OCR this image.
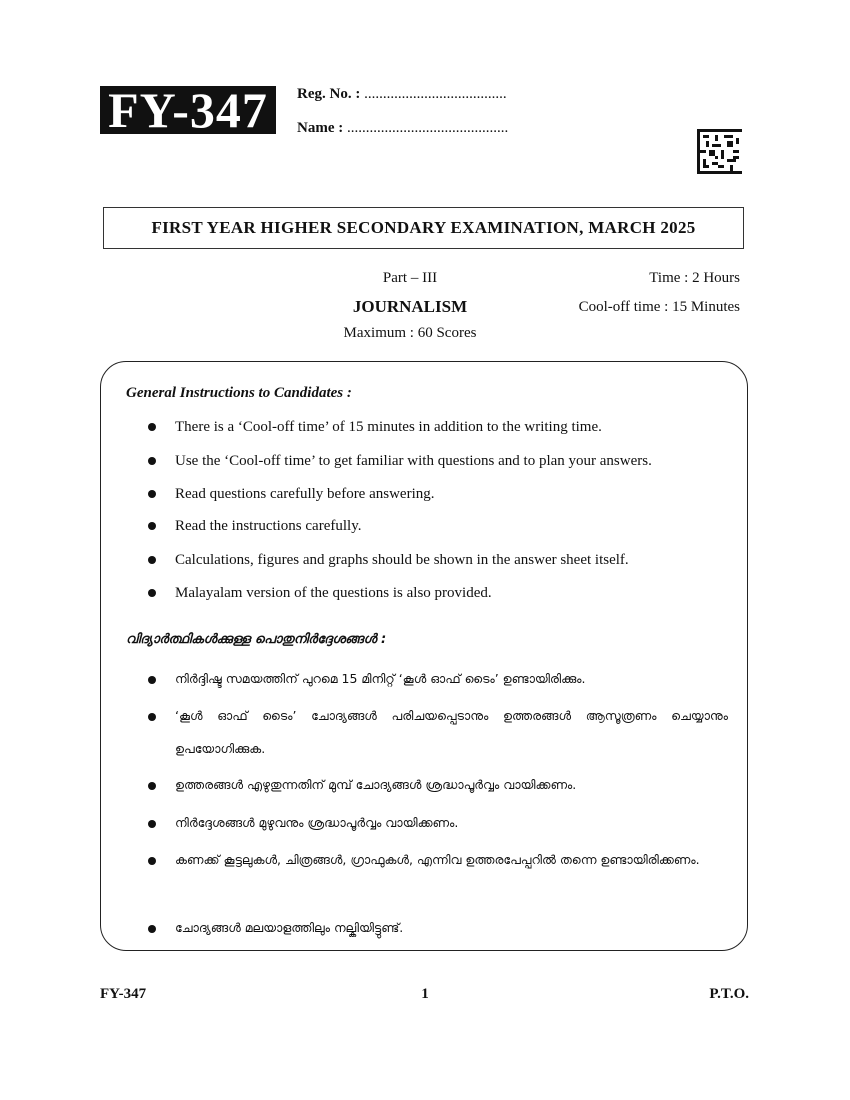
FY-347	Reg. No. : ......................................
Name : ...........................................
FIRST YEAR HIGHER SECONDARY EXAMINATION, MARCH 2025
Part – III
JOURNALISM
Maximum : 60 Scores
Time : 2 Hours
Cool-off time : 15 Minutes
General Instructions to Candidates :
There is a ‘Cool-off time’ of 15 minutes in addition to the writing time.
Use the ‘Cool-off time’ to get familiar with questions and to plan your answers.
Read questions carefully before answering.
Read the instructions carefully.
Calculations, figures and graphs should be shown in the answer sheet itself.
Malayalam version of the questions is also provided.
വിദ്യാർത്ഥികൾക്കുള്ള പൊതുനിർദ്ദേശങ്ങൾ :
നിർദ്ദിഷ്ട സമയത്തിന് പുറമെ 15 മിനിറ്റ് ‘കൂൾ ഓഫ് ടൈം’ ഉണ്ടായിരിക്കും.
‘കൂൾ ഓഫ് ടൈം’ ചോദ്യങ്ങൾ പരിചയപ്പെടാനും ഉത്തരങ്ങൾ ആസൂത്രണം ചെയ്യാനും ഉപയോഗിക്കുക.
ഉത്തരങ്ങൾ എഴുതുന്നതിന് മുമ്പ് ചോദ്യങ്ങൾ ശ്രദ്ധാപൂർവ്വം വായിക്കണം.
നിർദ്ദേശങ്ങൾ മുഴുവനും ശ്രദ്ധാപൂർവ്വം വായിക്കണം.
കണക്ക് കൂട്ടലുകൾ, ചിത്രങ്ങൾ, ഗ്രാഫുകൾ, എന്നിവ ഉത്തരപേപ്പറിൽ തന്നെ ഉണ്ടായിരിക്കണം.
ചോദ്യങ്ങൾ മലയാളത്തിലും നല്കിയിട്ടുണ്ട്.
FY-347	1	P.T.O.
